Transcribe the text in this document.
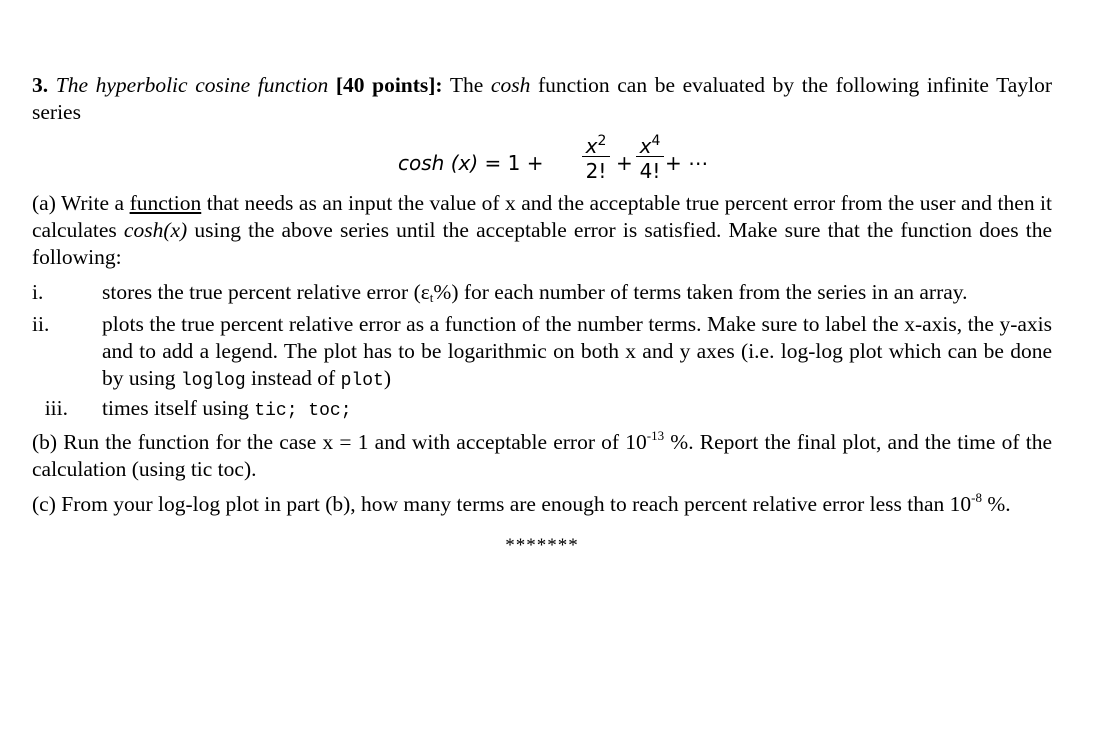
3. The hyperbolic cosine function [40 points]: The cosh function can be evaluated by the following infinite Taylor series

cosh (x) = 1 +
$x^2$
2! +
$x^4$
4! + ⋯

(a) Write a function that needs as an input the value of x and the acceptable true percent error from the user and then it calculates cosh(x) using the above series until the acceptable error is satisfied. Make sure that the function does the following:

i.	stores the true percent relative error $(\varepsilon_t\%)$ for each number of terms taken from the series in an array.
ii.	plots the true percent relative error as a function of the number terms. Make sure to label the x-axis, the y-axis and to add a legend. The plot has to be logarithmic on both x and y axes (i.e. log-log plot which can be done by using loglog instead of plot)
iii. times itself using tic; toc;

(b) Run the function for the case x = 1 and with acceptable error of $10^{-13}$ %. Report the final plot, and the time of the calculation (using tic toc).

(c) From your log-log plot in part (b), how many terms are enough to reach percent relative error less than $10^{-8}$ %.

*******
